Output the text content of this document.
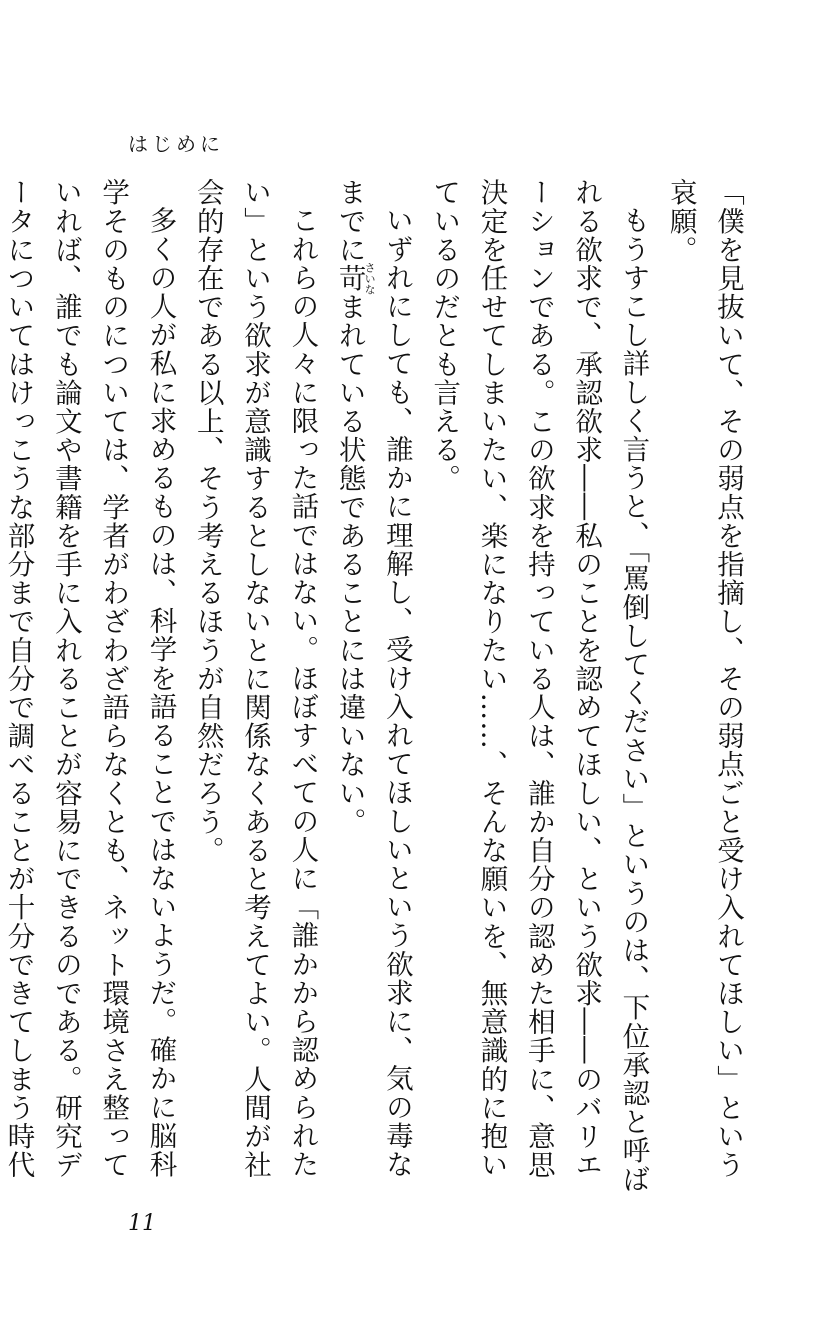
はじめに

「僕を見抜いて、その弱点を指摘し、その弱点ごと受け入れてほしい」という哀願。

もうすこし詳しく言うと、「罵倒してください」というのは、下位承認と呼ばれる欲求で、承認欲求――私のことを認めてほしい、という欲求――のバリエーションである。この欲求を持っている人は、誰か自分の認めた相手に、意思決定を任せてしまいたい、楽になりたい……、そんな願いを、無意識的に抱いているのだとも言える。

いずれにしても、誰かに理解し、受け入れてほしいという欲求に、気の毒なまでに苛さいなまれている状態であることには違いない。

これらの人々に限った話ではない。ほぼすべての人に「誰かから認められたい」という欲求が意識するとしないとに関係なくあると考えてよい。人間が社会的存在である以上、そう考えるほうが自然だろう。

多くの人が私に求めるものは、科学を語ることではないようだ。確かに脳科学そのものについては、学者がわざわざ語らなくとも、ネット環境さえ整っていれば、誰でも論文や書籍を手に入れることが容易にできるのである。研究データについてはけっこうな部分まで自分で調べることが十分できてしまう時代

11
